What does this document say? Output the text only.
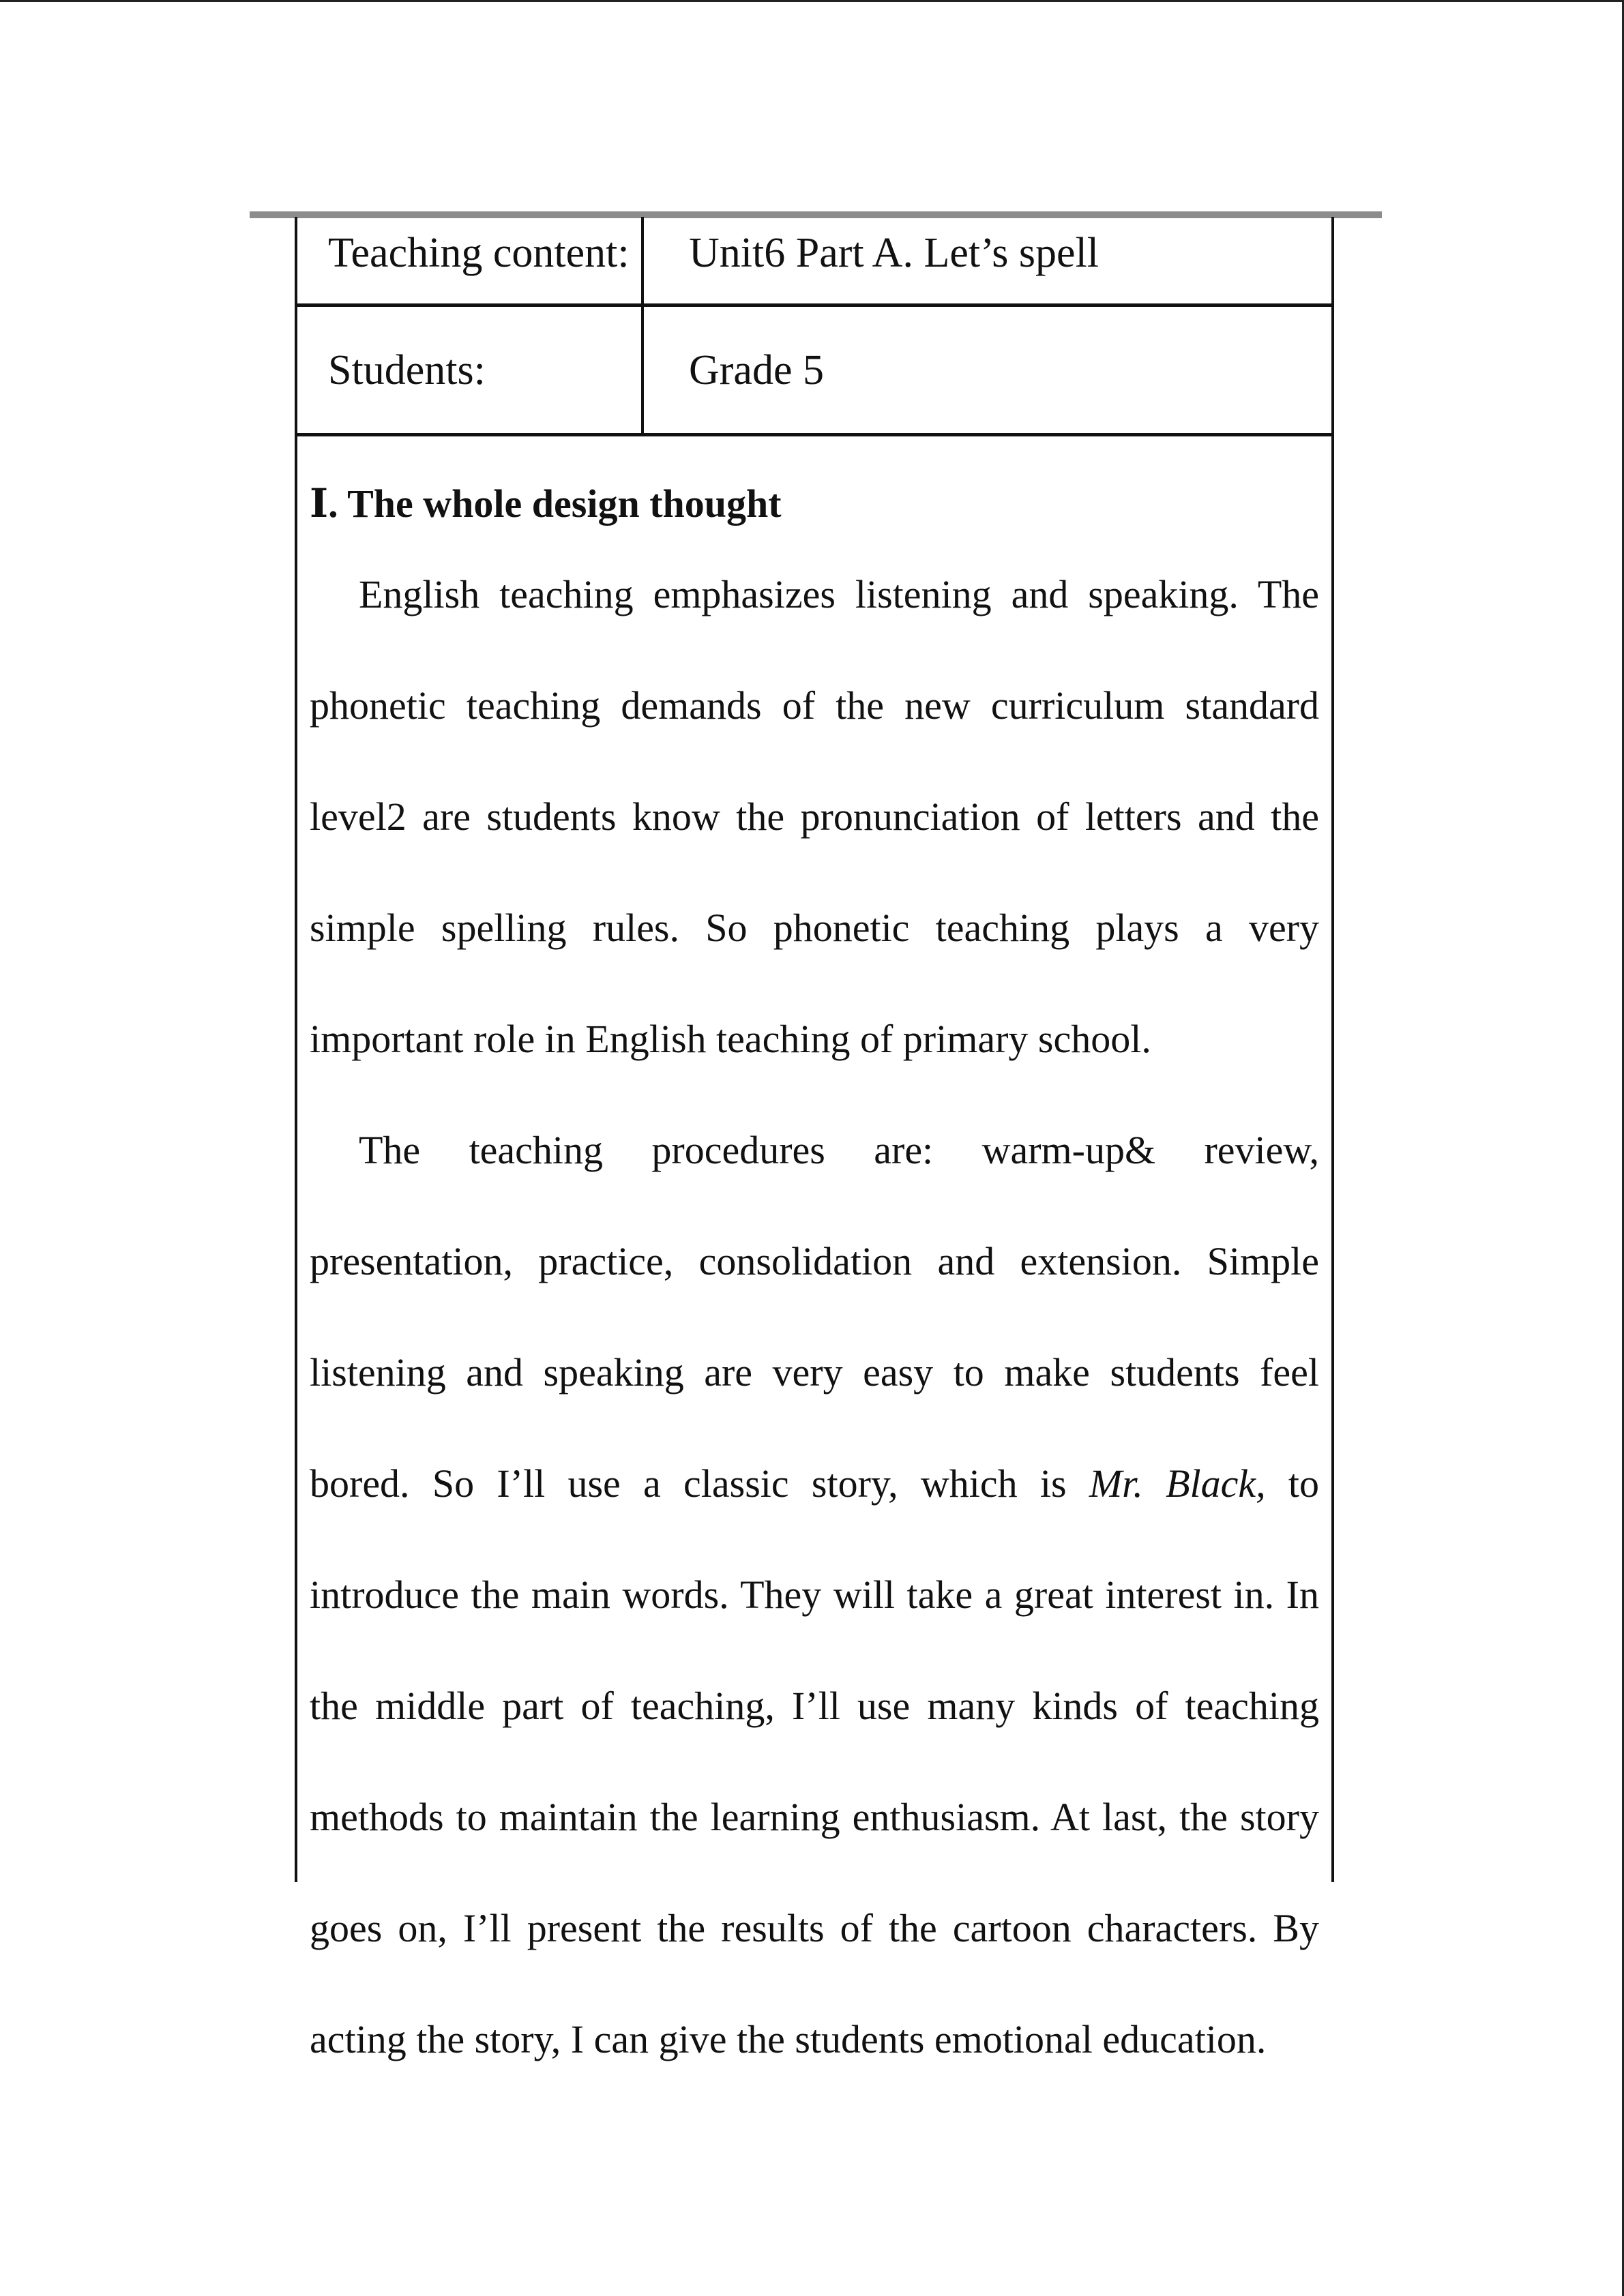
Teaching content:	Unit6 Part A. Let’s spell
Students:	Grade 5
Ⅰ. The whole design thought

English teaching emphasizes listening and speaking. The phonetic teaching demands of the new curriculum standard level2 are students know the pronunciation of letters and the simple spelling rules. So phonetic teaching plays a very important role in English teaching of primary school.

The teaching procedures are: warm-up& review, presentation, practice, consolidation and extension. Simple listening and speaking are very easy to make students feel bored. So I’ll use a classic story, which is Mr. Black, to introduce the main words. They will take a great interest in. In the middle part of teaching, I’ll use many kinds of teaching methods to maintain the learning enthusiasm. At last, the story goes on, I’ll present the results of the cartoon characters. By acting the story, I can give the students emotional education.
